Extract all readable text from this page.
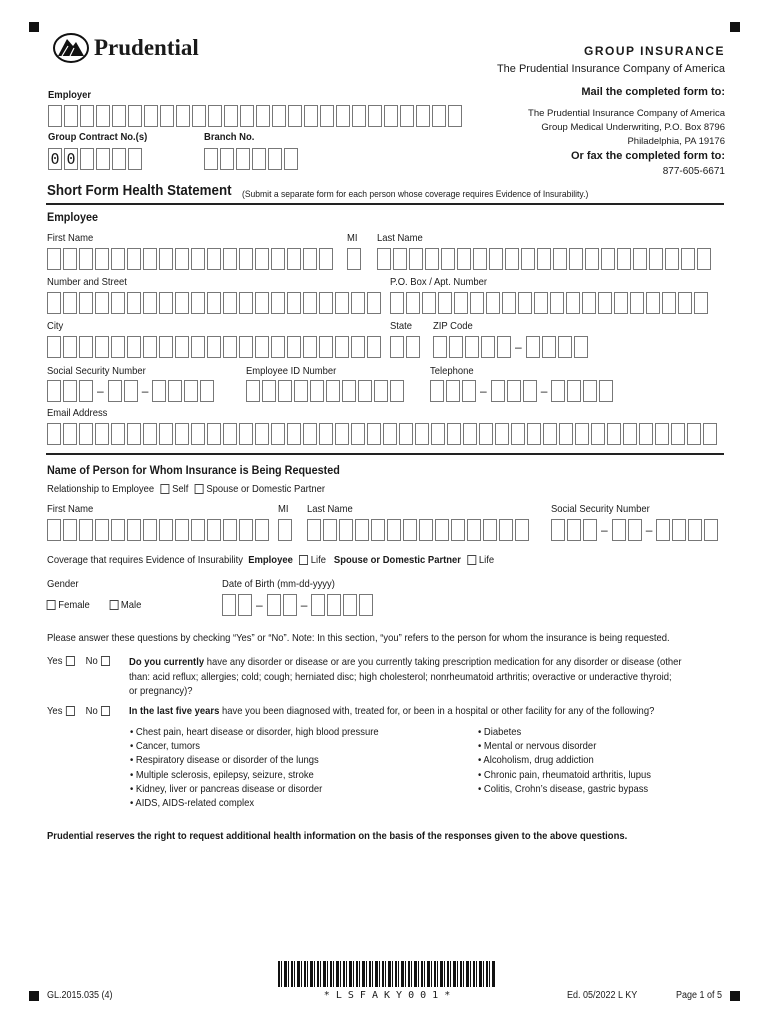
Prudential	GROUP INSURANCE
The Prudential Insurance Company of America
Mail the completed form to:
The Prudential Insurance Company of America
Group Medical Underwriting, P.O. Box 8796
Philadelphia, PA 19176
Or fax the completed form to:
877-605-6671
Employer
Group Contract No.(s)
0 0
Branch No.
Short Form Health Statement (Submit a separate form for each person whose coverage requires Evidence of Insurability.)
Employee
First Name	MI Last Name
Number and Street	P.O. Box / Apt. Number
City	State ZIP Code
–
Social Security Number	Employee ID Number	Telephone
–	–	–	–
Email Address
Name of Person for Whom Insurance is Being Requested
Relationship to Employee Self Spouse or Domestic Partner
First Name	MI Last Name	Social Security Number
–	–
Coverage that requires Evidence of Insurability Employee Life Spouse or Domestic Partner Life
Gender	Date of Birth (mm-dd-yyyy)
Female	Male	–	–
Please answer these questions by checking “Yes” or “No”. Note: In this section, “you” refers to the person for whom the insurance is being requested.
Yes No	Do you currently have any disorder or disease or are you currently taking prescription medication for any disorder or disease (other
than: acid reflux; allergies; cold; cough; herniated disc; high cholesterol; nonrheumatoid arthritis; overactive or underactive thyroid;
or pregnancy)?
Yes No	In the last five years have you been diagnosed with, treated for, or been in a hospital or other facility for any of the following?
• Chest pain, heart disease or disorder, high blood pressure
• Cancer, tumors
• Respiratory disease or disorder of the lungs
• Multiple sclerosis, epilepsy, seizure, stroke
• Kidney, liver or pancreas disease or disorder
• AIDS, AIDS-related complex
• Diabetes
• Mental or nervous disorder
• Alcoholism, drug addiction
• Chronic pain, rheumatoid arthritis, lupus
• Colitis, Crohn’s disease, gastric bypass
Prudential reserves the right to request additional health information on the basis of the responses given to the above questions.
* L S F A K Y 0 0 1 *
GL.2015.035 (4)	Ed. 05/2022 L KY	Page 1 of 5
